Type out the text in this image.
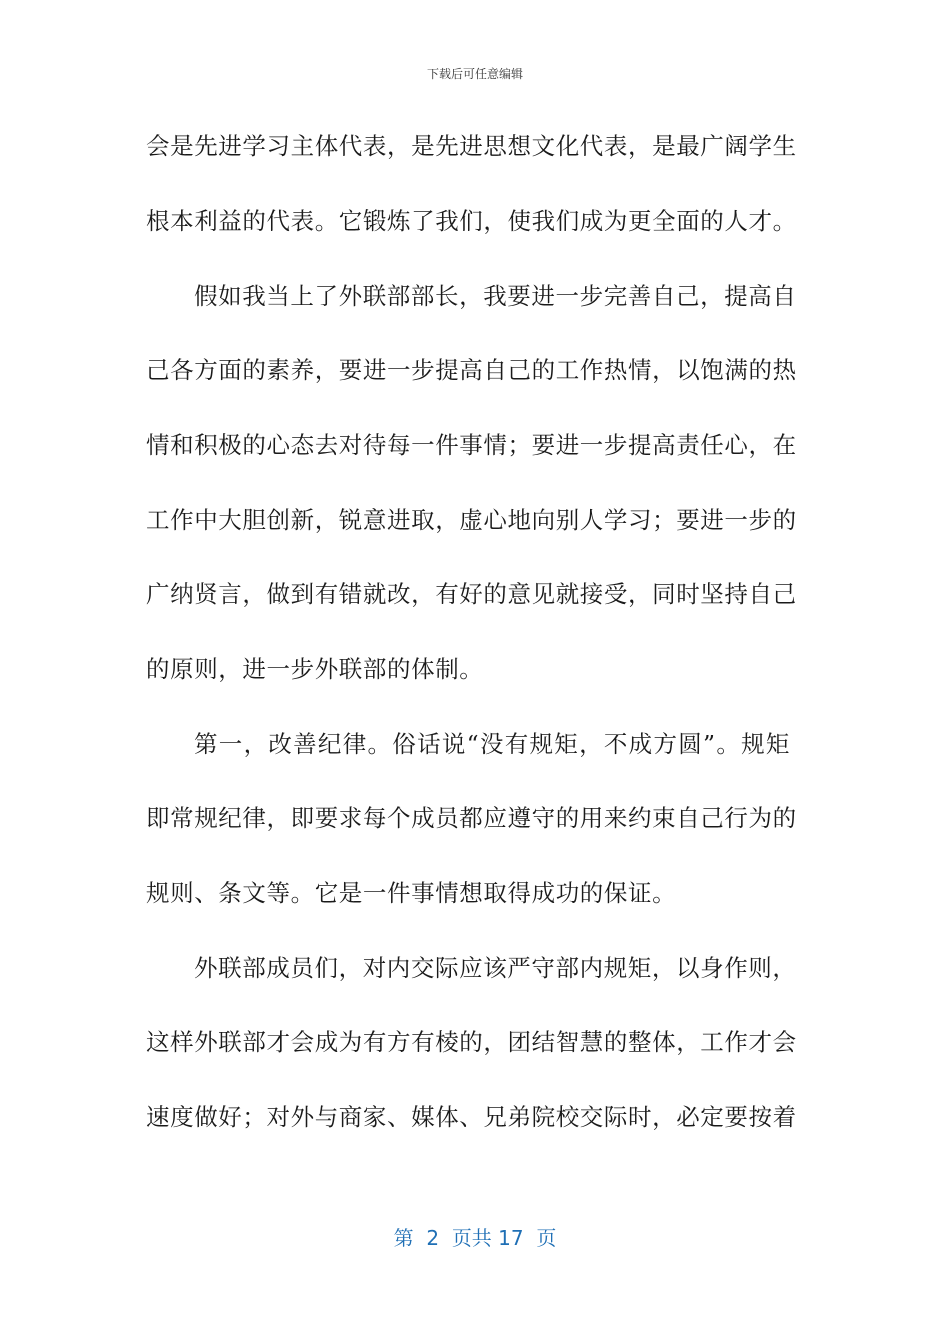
下载后可任意编辑
会是先进学习主体代表，是先进思想文化代表，是最广阔学生
根本利益的代表。它锻炼了我们，使我们成为更全面的人才。
假如我当上了外联部部长，我要进一步完善自己，提高自
己各方面的素养，要进一步提高自己的工作热情，以饱满的热
情和积极的心态去对待每一件事情；要进一步提高责任心，在
工作中大胆创新，锐意进取，虚心地向别人学习；要进一步的
广纳贤言，做到有错就改，有好的意见就接受，同时坚持自己
的原则，进一步外联部的体制。
第一，改善纪律。俗话说“没有规矩，不成方圆”。规矩
即常规纪律，即要求每个成员都应遵守的用来约束自己行为的
规则、条文等。它是一件事情想取得成功的保证。
外联部成员们，对内交际应该严守部内规矩，以身作则，
这样外联部才会成为有方有棱的，团结智慧的整体，工作才会
速度做好；对外与商家、媒体、兄弟院校交际时，必定要按着
第 2 页共 17 页
